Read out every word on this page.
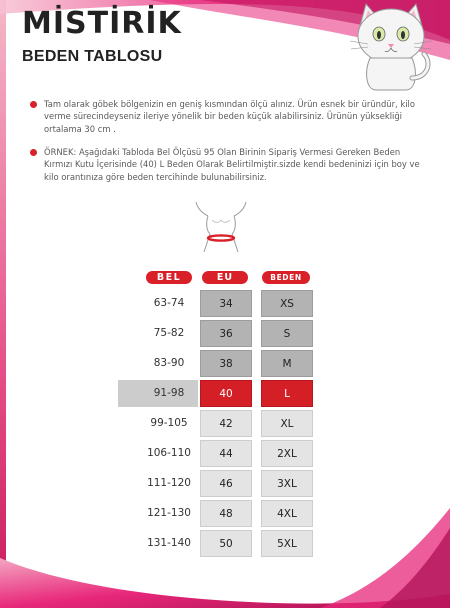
MİSTİRİK
BEDEN TABLOSU

Tam olarak göbek bölgenizin en geniş kısmından ölçü alınız. Ürün esnek bir üründür, kilo verme sürecindeyseniz ileriye yönelik bir beden küçük alabilirsiniz. Ürünün yüksekliği ortalama 30 cm .

ÖRNEK: Aşağıdaki Tabloda Bel Ölçüsü 95 Olan Birinin Sipariş Vermesi Gereken Beden Kırmızı Kutu İçerisinde (40) L Beden Olarak Belirtilmiştir.sizde kendi bedeninizi için boy ve kilo orantınıza göre beden tercihinde bulunabilirsiniz.

BEL	EU	BEDEN
63-74	34	XS
75-82	36	S
83-90	38	M
91-98	40	L
99-105	42	XL
106-110	44	2XL
111-120	46	3XL
121-130	48	4XL
131-140	50	5XL
